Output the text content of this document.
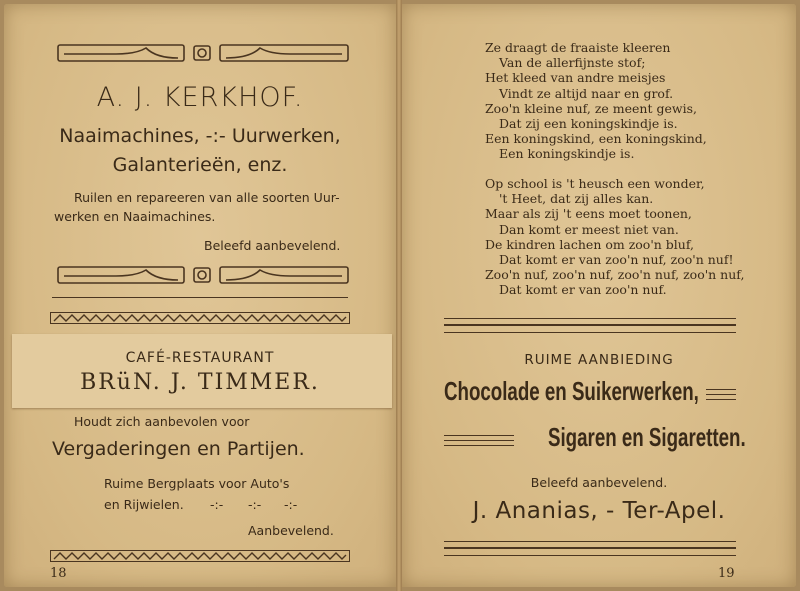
A. J. KERKHOF.
Naaimachines, -:- Uurwerken,
Galanterieën, enz.
Ruilen en repareeren van alle soorten Uur-
werken en Naaimachines.
Beleefd aanbevelend.
CAFÉ-RESTAURANT
BRüN. J. TIMMER.
Houdt zich aanbevolen voor
Vergaderingen en Partijen.
Ruime Bergplaats voor Auto's
en Rijwielen. -:- -:- -:-
Aanbevelend.
18
Ze draagt de fraaiste kleeren
Van de allerfijnste stof;
Het kleed van andre meisjes
Vindt ze altijd naar en grof.
Zoo'n kleine nuf, ze meent gewis,
Dat zij een koningskindje is.
Een koningskind, een koningskind,
Een koningskindje is.
Op school is 't heusch een wonder,
't Heet, dat zij alles kan.
Maar als zij 't eens moet toonen,
Dan komt er meest niet van.
De kindren lachen om zoo'n bluf,
Dat komt er van zoo'n nuf, zoo'n nuf!
Zoo'n nuf, zoo'n nuf, zoo'n nuf, zoo'n nuf,
Dat komt er van zoo'n nuf.
RUIME AANBIEDING
Chocolade en Suikerwerken,
Sigaren en Sigaretten.
Beleefd aanbevelend.
J. Ananias, - Ter-Apel.
19
